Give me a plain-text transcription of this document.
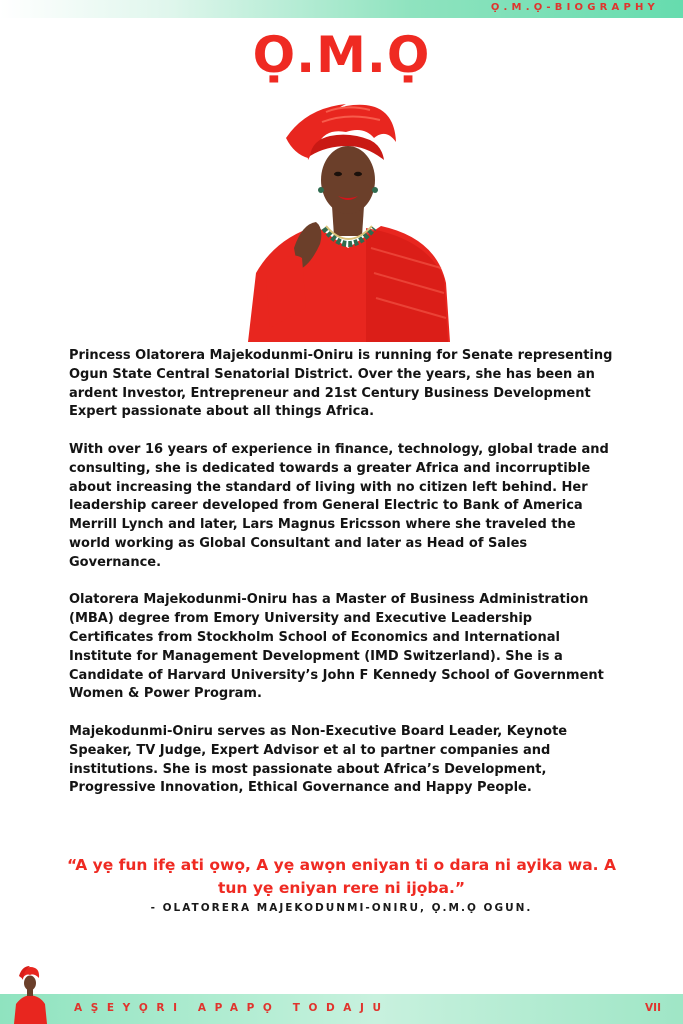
Ọ.M.Ọ-BIOGRAPHY
Ọ.M.Ọ

Princess Olatorera Majekodunmi-Oniru is running for Senate representing Ogun State Central Senatorial District. Over the years, she has been an ardent Investor, Entrepreneur and 21st Century Business Development Expert passionate about all things Africa.

With over 16 years of experience in finance, technology, global trade and consulting, she is dedicated towards a greater Africa and incorruptible about increasing the standard of living with no citizen left behind. Her leadership career developed from General Electric to Bank of America Merrill Lynch and later, Lars Magnus Ericsson where she traveled the world working as Global Consultant and later as Head of Sales Governance.

Olatorera Majekodunmi-Oniru has a Master of Business Administration (MBA) degree from Emory University and Executive Leadership Certificates from Stockholm School of Economics and International Institute for Management Development (IMD Switzerland). She is a Candidate of Harvard University’s John F Kennedy School of Government Women & Power Program.

Majekodunmi-Oniru serves as Non-Executive Board Leader, Keynote Speaker, TV Judge, Expert Advisor et al to partner companies and institutions. She is most passionate about Africa’s Development, Progressive Innovation, Ethical Governance and Happy People.

“A yẹ fun ifẹ ati ọwọ, A yẹ awọn eniyan ti o dara ni ayika wa. A tun yẹ eniyan rere ni ijọba.”
- OLATORERA MAJEKODUNMI-ONIRU, Ọ.M.Ọ OGUN.
AṢEYỌRI APAPỌ TODAJU	VII
